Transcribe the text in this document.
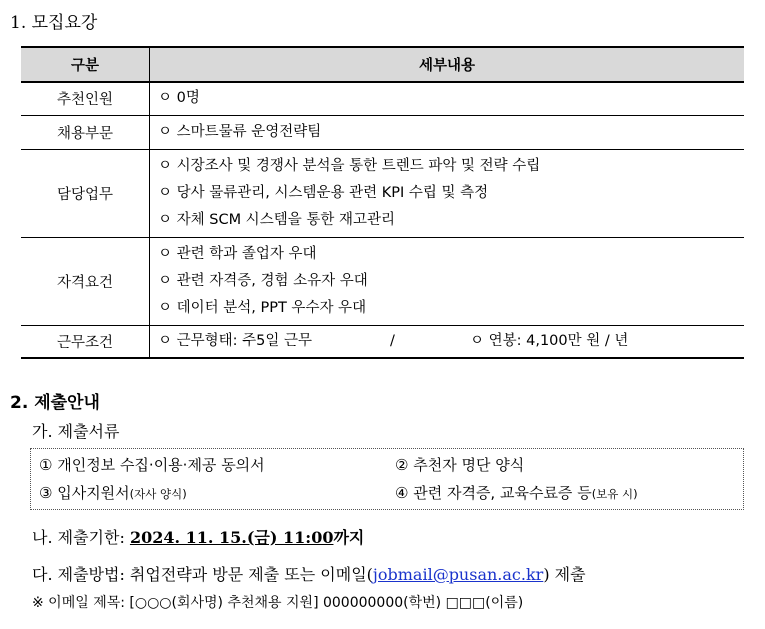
1. 모집요강
구분	세부내용
추천인원	ㅇ 0명

채용부문	ㅇ 스마트물류 운영전략팀

담당업무	ㅇ 시장조사 및 경쟁사 분석을 통한 트렌드 파악 및 전략 수립
ㅇ 당사 물류관리, 시스템운용 관련 KPI 수립 및 측정
ㅇ 자체 SCM 시스템을 통한 재고관리

자격요건	ㅇ 관련 학과 졸업자 우대
ㅇ 관련 자격증, 경험 소유자 우대
ㅇ 데이터 분석, PPT 우수자 우대

근무조건	ㅇ 근무형태: 주5일 근무 / ㅇ 연봉: 4,100만 원 / 년
2. 제출안내
가. 제출서류
① 개인정보 수집·이용·제공 동의서	② 추천자 명단 양식
③ 입사지원서(자사 양식)	④ 관련 자격증, 교육수료증 등(보유 시)
나. 제출기한: 2024. 11. 15.(금) 11:00까지
다. 제출방법: 취업전략과 방문 제출 또는 이메일(jobmail@pusan.ac.kr) 제출
※ 이메일 제목: [○○○(회사명) 추천채용 지원] 000000000(학번) □□□(이름)
